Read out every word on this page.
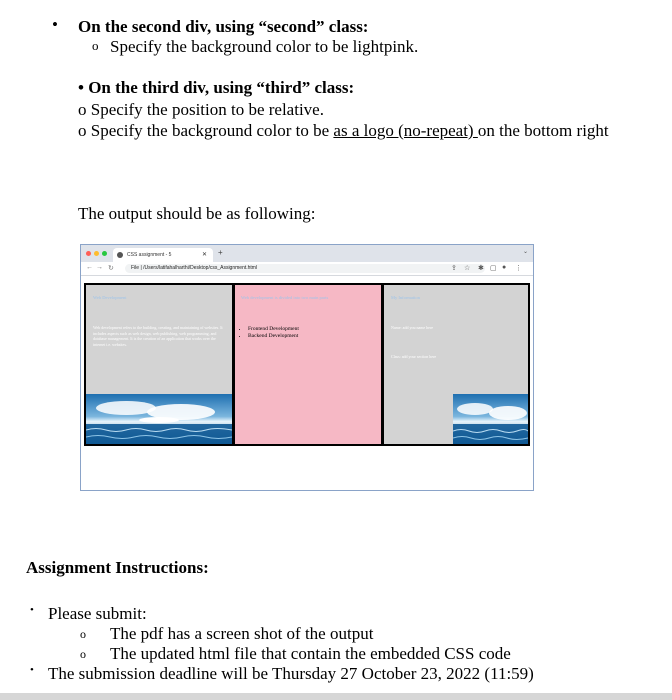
• On the second div, using “second” class:
o Specify the background color to be lightpink.
• On the third div, using “third” class:
o Specify the position to be relative.
o Specify the background color to be as a logo (no-repeat) on the bottom right
The output should be as following:
CSS assignment - 5	✕ +	⌄
← → ↻	File | /Users/latifahalharthi/Desktop/css_Assignment.html	⇪ ☆ ✱ ▢ ● ⋮
Web Development
Web development refers to the building, creating, and maintaining of websites. It includes aspects such as web design, web publishing, web programming, and database management. It is the creation of an application that works over the internet i.e. websites.
Web development is divided into two main parts
• Frontend Development
• Backend Development
My Information
Name: add you name here
Class: add your section here
Assignment Instructions:
• Please submit:
o The pdf has a screen shot of the output
o The updated html file that contain the embedded CSS code
• The submission deadline will be Thursday 27 October 23, 2022 (11:59)
